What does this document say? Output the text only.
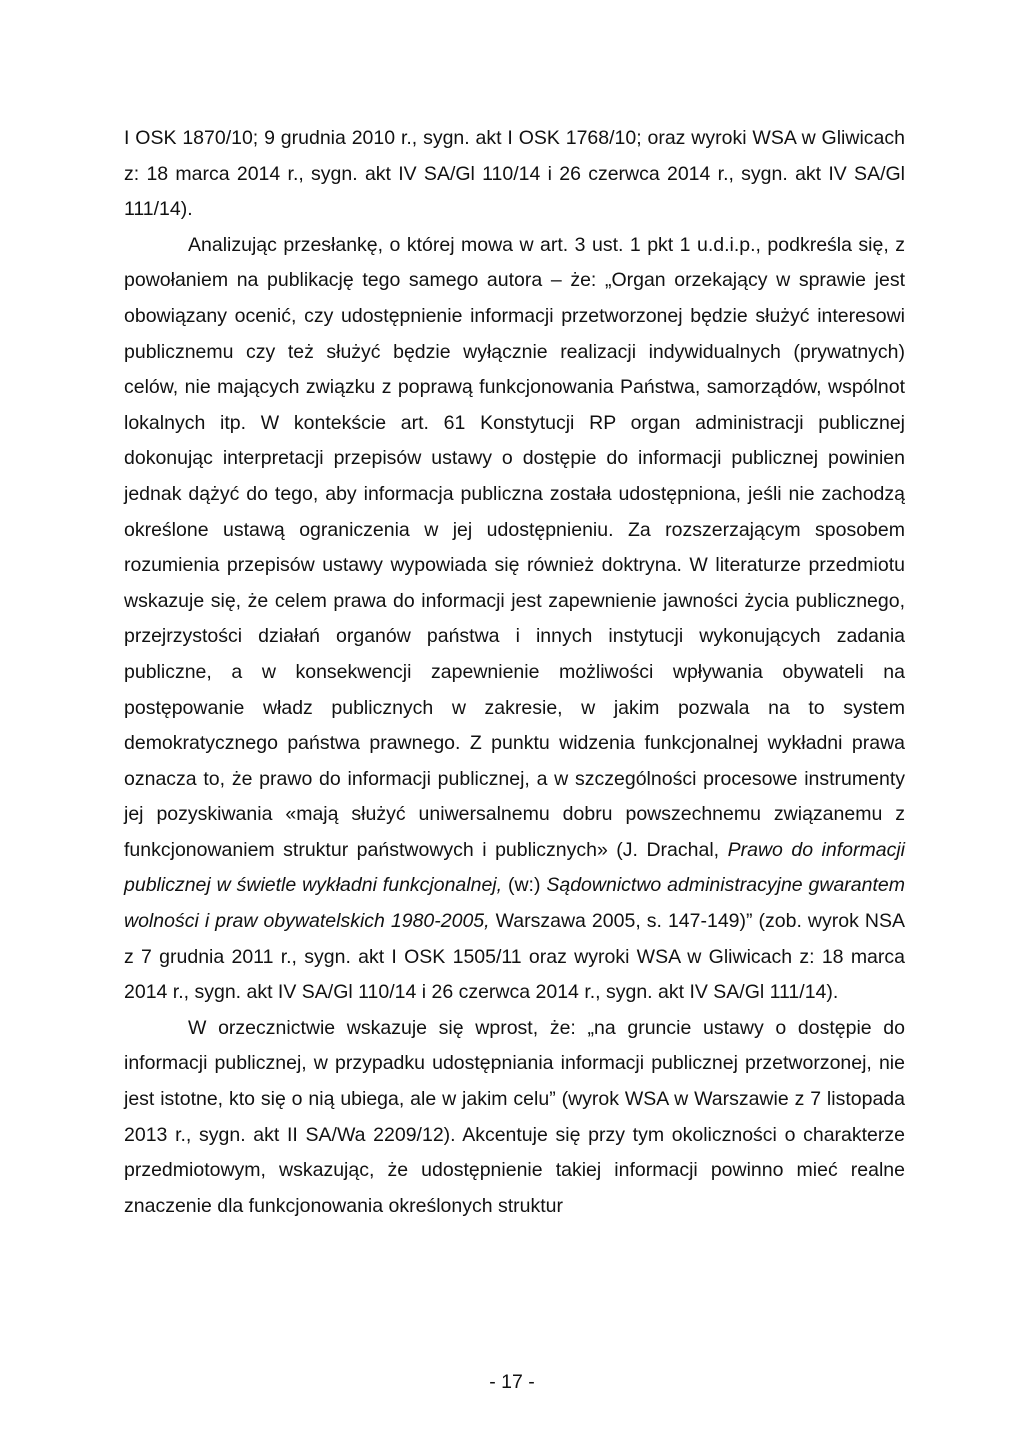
I OSK 1870/10; 9 grudnia 2010 r., sygn. akt I OSK 1768/10; oraz wyroki WSA w Gliwicach z: 18 marca 2014 r., sygn. akt IV SA/Gl 110/14 i 26 czerwca 2014 r., sygn. akt IV SA/Gl 111/14).

Analizując przesłankę, o której mowa w art. 3 ust. 1 pkt 1 u.d.i.p., podkreśla się, z powołaniem na publikację tego samego autora – że: „Organ orzekający w sprawie jest obowiązany ocenić, czy udostępnienie informacji przetworzonej będzie służyć interesowi publicznemu czy też służyć będzie wyłącznie realizacji indywidualnych (prywatnych) celów, nie mających związku z poprawą funkcjonowania Państwa, samorządów, wspólnot lokalnych itp. W kontekście art. 61 Konstytucji RP organ administracji publicznej dokonując interpretacji przepisów ustawy o dostępie do informacji publicznej powinien jednak dążyć do tego, aby informacja publiczna została udostępniona, jeśli nie zachodzą określone ustawą ograniczenia w jej udostępnieniu. Za rozszerzającym sposobem rozumienia przepisów ustawy wypowiada się również doktryna. W literaturze przedmiotu wskazuje się, że celem prawa do informacji jest zapewnienie jawności życia publicznego, przejrzystości działań organów państwa i innych instytucji wykonujących zadania publiczne, a w konsekwencji zapewnienie możliwości wpływania obywateli na postępowanie władz publicznych w zakresie, w jakim pozwala na to system demokratycznego państwa prawnego. Z punktu widzenia funkcjonalnej wykładni prawa oznacza to, że prawo do informacji publicznej, a w szczególności procesowe instrumenty jej pozyskiwania «mają służyć uniwersalnemu dobru powszechnemu związanemu z funkcjonowaniem struktur państwowych i publicznych» (J. Drachal, Prawo do informacji publicznej w świetle wykładni funkcjonalnej, (w:) Sądownictwo administracyjne gwarantem wolności i praw obywatelskich 1980-2005, Warszawa 2005, s. 147-149)” (zob. wyrok NSA z 7 grudnia 2011 r., sygn. akt I OSK 1505/11 oraz wyroki WSA w Gliwicach z: 18 marca 2014 r., sygn. akt IV SA/Gl 110/14 i 26 czerwca 2014 r., sygn. akt IV SA/Gl 111/14).

W orzecznictwie wskazuje się wprost, że: „na gruncie ustawy o dostępie do informacji publicznej, w przypadku udostępniania informacji publicznej przetworzonej, nie jest istotne, kto się o nią ubiega, ale w jakim celu” (wyrok WSA w Warszawie z 7 listopada 2013 r., sygn. akt II SA/Wa 2209/12). Akcentuje się przy tym okoliczności o charakterze przedmiotowym, wskazując, że udostępnienie takiej informacji powinno mieć realne znaczenie dla funkcjonowania określonych struktur

- 17 -
